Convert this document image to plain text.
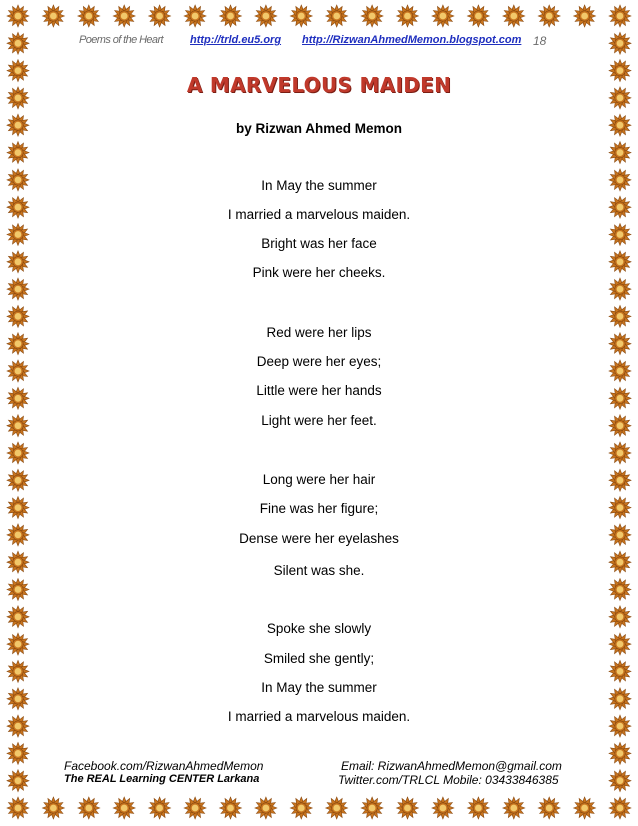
Poems of the Heart http://trld.eu5.org http://RizwanAhmedMemon.blogspot.com 18
A MARVELOUS MAIDEN
by Rizwan Ahmed Memon
In May the summer
I married a marvelous maiden.
Bright was her face
Pink were her cheeks.
Red were her lips
Deep were her eyes;
Little were her hands
Light were her feet.
Long were her hair
Fine was her figure;
Dense were her eyelashes
Silent was she.
Spoke she slowly
Smiled she gently;
In May the summer
I married a marvelous maiden.
Facebook.com/RizwanAhmedMemon	Email: RizwanAhmedMemon@gmail.com
The REAL Learning CENTER Larkana	Twitter.com/TRLCL Mobile: 03433846385
